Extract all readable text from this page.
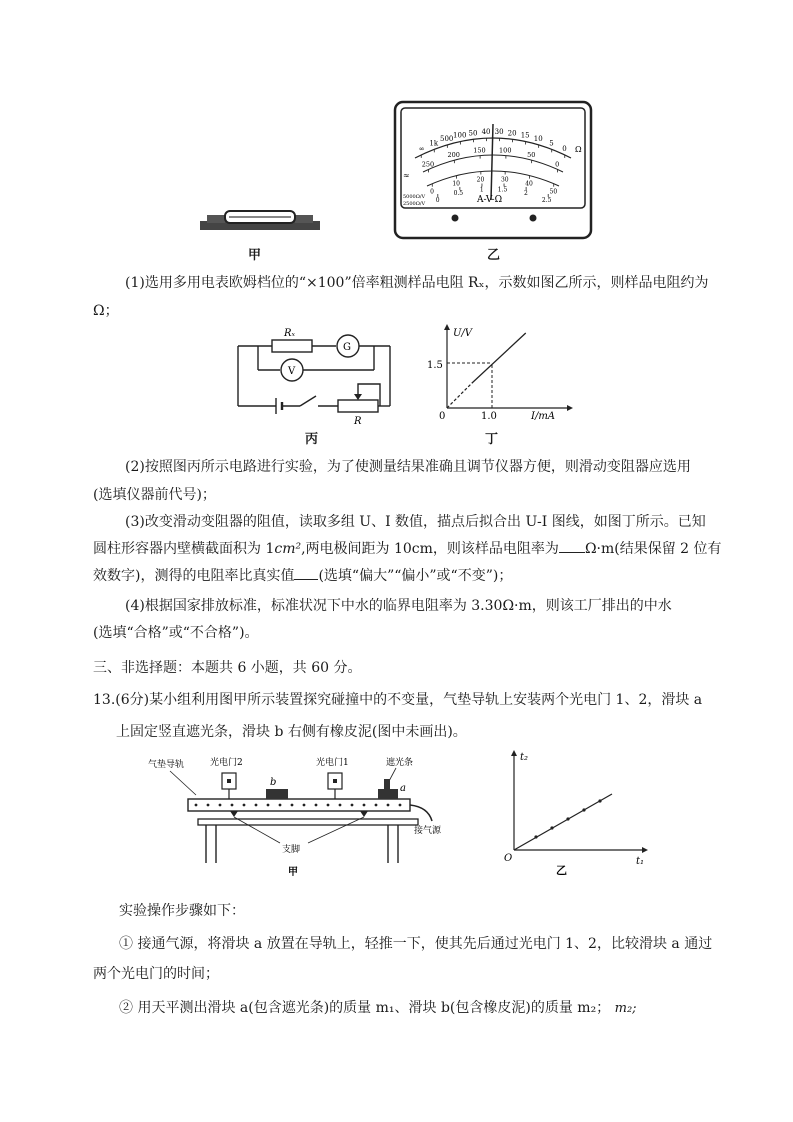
甲
∞
1k
500 100 50 40 30 20 15 10
5
0
250
200
150 100
50
0
0
10
20	30
40
50
0
0.5
1 1.5
2
2.5
Ω
A-V-Ω
5000Ω/V
2500Ω/V
≈
乙
(1)选用多用电表欧姆档位的“×100”倍率粗测样品电阻 Rₓ，示数如图乙所示，则样品电阻约为
Ω；
Rₓ
G
V
R
丙
U/V
I/mA
0
1.5
1.0
丁
(2)按照图丙所示电路进行实验，为了使测量结果准确且调节仪器方便，则滑动变阻器应选用
(选填仪器前代号)；
(3)改变滑动变阻器的阻值，读取多组 U、I 数值，描点后拟合出 U-I 图线，如图丁所示。已知
圆柱形容器内壁横截面积为 1cm²,两电极间距为 10cm，则该样品电阻率为 Ω·m(结果保留 2 位有
效数字)，测得的电阻率比真实值 (选填“偏大”“偏小”或“不变”)；
(4)根据国家排放标准，标准状况下中水的临界电阻率为 3.30Ω·m，则该工厂排出的中水
(选填“合格”或“不合格”)。
三、非选择题：本题共 6 小题，共 60 分。
13.(6分)某小组利用图甲所示装置探究碰撞中的不变量，气垫导轨上安装两个光电门 1、2，滑块 a
上固定竖直遮光条，滑块 b 右侧有橡皮泥(图中未画出)。
气垫导轨	光电门2	光电门1	遮光条
b
a
接气源
支脚
甲
t₂
t₁
O
乙
实验操作步骤如下：
① 接通气源，将滑块 a 放置在导轨上，轻推一下，使其先后通过光电门 1、2，比较滑块 a 通过
两个光电门的时间；
② 用天平测出滑块 a(包含遮光条)的质量 m₁、滑块 b(包含橡皮泥)的质量 m₂； m₂;
